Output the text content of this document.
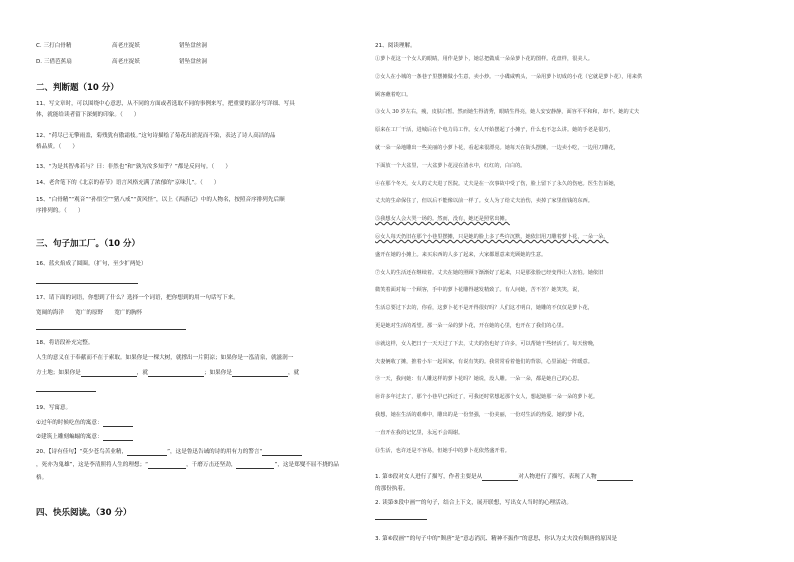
C. 三打白骨精	高老庄捉妖	错坠盘丝洞
D. 三借芭蕉扇	高老庄捉妖	错坠盘丝洞
二、判断题（10 分）
11、写文章时，可以围绕中心意思，从不同的方面或者选取不同的事例来写，把重要的部分写详细、写具
体，就能给读者留下深刻的印象。（　　）
12、“荷尽已无擎雨盖，菊残犹有傲霜枝。”这句诗描绘了菊花出淤泥而不染，表达了诗人高洁的品
格品质。（　　）
13、“为是其智弗若与？曰：非然也”和“孰为汝多知乎？”都是反问句。（　　）
14、老舍笔下的《北京的春节》语言风格充满了浓郁的“京味儿”。（　　）
15、“白骨精”“观音”“孙悟空”“猪八戒”“黄风怪”，以上《西游记》中的人物名，按照音序排列先后顺
序排列的。（　　）
三、句子加工厂。（10 分）
16、蓝火焰成了圆圈。（扩句，至少扩两处）
17、请下面的词语，你想到了什么？选择一个词语，把你想到的用一句话写下来。
宽阔的海洋　　宽广的原野　　宽广的胸怀
18、将语段补充完整。
人生的意义在于奉献而不在于索取。如果你是一棵大树，就撑出一片阴凉；如果你是一泓清泉，就滋润一
方土地；如果你是	，就	；如果你是	，就
19、写寓意。
①过年的时候吃鱼的寓意：
②建筑上雕刻蝙蝠的寓意：
20、【诗有佳句】“莫少苍鸟苦业精，	”，这是鲁迅告诫的诗的用有力的警言“
，死亦为鬼雄”，这是李清照将人生的理想；“	，千磨万击还坚劲，	”，这是郑燮不屈不挠的品
格。
四、快乐阅读。（30 分）
21、阅读理解。
①萝卜花这一个女人的眼睛，用作是萝卜，她总把做成一朵朵萝卜花的图样。花盘样，很美人。
②女人在小城的一条巷子里摆摊做小生意，卖小炒。一小碟咸鸭头，一朵用萝卜切成的小花（它就是萝卜花），用来供
顾客蘸着吃口。
③女人 30 岁左右，瘦，皮肤白皙。然而她生得清秀，眼睛生得亮，她人安安静静，面容平平和和，却不。她的丈夫
原来在工厂干活，进城后在个电力局工作。女人开始摆起了小摊子，什么也不怎么讲。她的手老是很巧，
就一朵一朵地雕出一些美丽的小萝卜花，看起来很漂亮。她每天在街头摆摊，一边卖小吃，一边用刀雕花，
下面放一个大盆里，一大盆萝卜花浸在清水中，红红的，白白的。
④在那个冬天，女人的丈夫进了医院。丈夫是在一次事故中受了伤，脸上留下了永久的伤疤。医生告诉她，
丈夫的生命保住了，但以后不能像以前一样了。女人为了给丈夫治伤，卖掉了家里值钱的东西。
⑤我想女人会大哭一场的。然而，没有，她还是照常出摊。
⑥女人每天仍旧在那个小巷里摆摊，只是她的脸上多了些许沉默，她依旧用刀雕着萝卜花，一朵一朵，
盛开在她的小摊上。来买东西的人多了起来，大家都愿意来光顾她的生意。
⑦女人的生活还在继续着。丈夫在她的照顾下渐渐好了起来，只是那张脸已经变得让人害怕。她依旧
微笑着面对每一个顾客，手中的萝卜花雕得越发精致了。有人问她，苦不苦？她笑笑，说，
生活总要过下去的，你看，这萝卜花不是开得很好吗？人们这才明白，她雕的不仅仅是萝卜花，
更是她对生活的希望。那一朵一朵的萝卜花，开在她的心里，也开在了我们的心里。
⑧就这样，女人把日子一天天过了下去，丈夫的伤也好了许多，可以帮她干些轻活了。每天傍晚，
夫妻俩收了摊，推着小车一起回家，有说有笑的。我常常看着他们的背影，心里涌起一阵暖意。
⑨一天，我问她：有人雕这样的萝卜花吗？她说，没人雕。一朵一朵，都是她自己的心思。
⑩许多年过去了，那个小巷早已拆迁了，可我还时常想起那个女人，想起她那一朵一朵的萝卜花。
我想，她在生活的艰难中，雕出的是一份坚强，一份美丽，一份对生活的热爱。她的萝卜花，
一直开在我的记忆里，永远不会凋谢。
⑪生活，也许还是不容易，但她手中的萝卜花依然盛开着。
1. 第⑤段对女人进行了描写，作者主要是从	对人物进行了描写，表现了人物
的那份执着。
2. 读第⑤段中画“”的句子，结合上下文，展开联想，写出女人当时的心理活动。
3. 第⑥段画“”的句子中的“颓唐”是“意志消沉、精神不振作”的意思，你认为丈夫没有颓唐的原因是
